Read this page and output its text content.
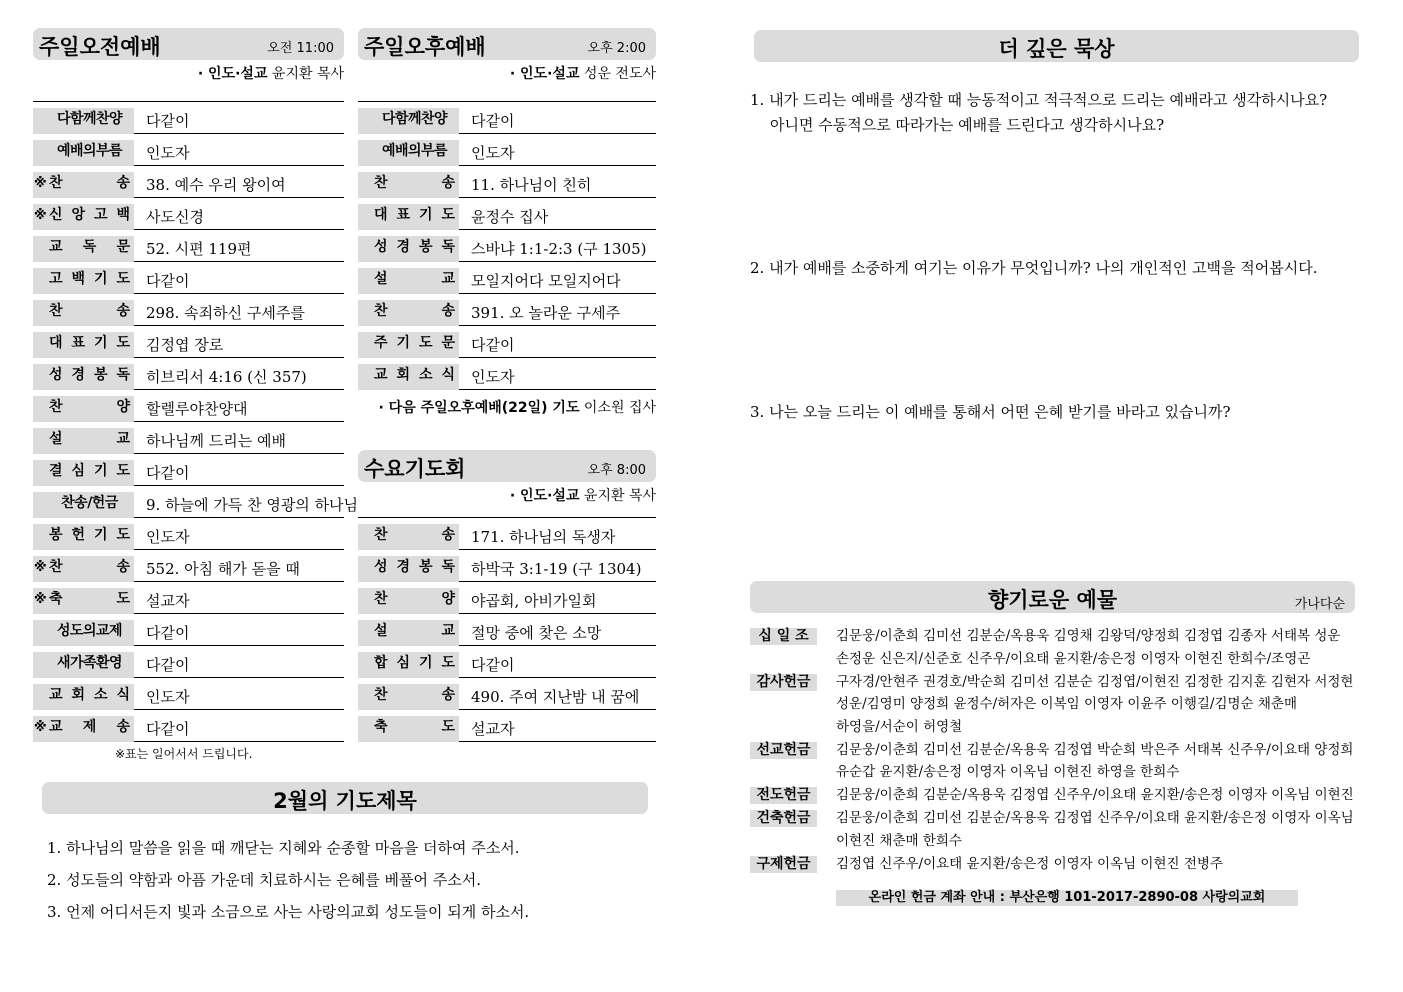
주일오전예배	오전 11:00
· 인도·설교 윤지환 목사
다함께찬양	다같이
예배의부름	인도자
※ 찬	송 38. 예수 우리 왕이여
※ 신 앙 고 백 사도신경
교 독 문 52. 시편 119편
고 백 기 도 다같이
찬	송 298. 속죄하신 구세주를
대 표 기 도 김정엽 장로
성 경 봉 독 히브리서 4:16 (신 357)
찬	양 할렐루야찬양대
설	교 하나님께 드리는 예배
결 심 기 도 다같이
찬송/헌금	9. 하늘에 가득 찬 영광의 하나님
봉 헌 기 도 인도자
※ 찬	송 552. 아침 해가 돋을 때
※ 축	도 설교자
성도의교제	다같이
새가족환영	다같이
교 회 소 식 인도자
※ 교 제 송 다같이
※표는 일어서서 드립니다.
주일오후예배	오후 2:00
· 인도·설교 성운 전도사
다함께찬양	다같이
예배의부름	인도자
찬	송 11. 하나님이 친히
대 표 기 도 윤정수 집사
성 경 봉 독 스바냐 1:1-2:3 (구 1305)
설	교 모일지어다 모일지어다
찬	송 391. 오 놀라운 구세주
주 기 도 문 다같이
교 회 소 식 인도자
· 다음 주일오후예배(22일) 기도 이소원 집사
수요기도회	오후 8:00
· 인도·설교 윤지환 목사
찬	송 171. 하나님의 독생자
성 경 봉 독 하박국 3:1-19 (구 1304)
찬	양 야곱회, 아비가일회
설	교 절망 중에 찾은 소망
합 심 기 도 다같이
찬	송 490. 주여 지난밤 내 꿈에
축	도 설교자
2월의 기도제목
1. 하나님의 말씀을 읽을 때 깨닫는 지혜와 순종할 마음을 더하여 주소서.
2. 성도들의 약함과 아픔 가운데 치료하시는 은혜를 베풀어 주소서.
3. 언제 어디서든지 빛과 소금으로 사는 사랑의교회 성도들이 되게 하소서.
더 깊은 묵상
1. 내가 드리는 예배를 생각할 때 능동적이고 적극적으로 드리는 예배라고 생각하시나요?
아니면 수동적으로 따라가는 예배를 드린다고 생각하시나요?
2. 내가 예배를 소중하게 여기는 이유가 무엇입니까? 나의 개인적인 고백을 적어봅시다.
3. 나는 오늘 드리는 이 예배를 통해서 어떤 은혜 받기를 바라고 있습니까?
향기로운 예물	가나다순
십 일 조	김문웅/이춘희 김미선 김분순/옥용욱 김영채 김왕덕/양정희 김정엽 김종자 서태복 성운
손정운 신은지/신준호 신주우/이요태 윤지환/송은정 이영자 이현진 한희수/조영곤
감사헌금	구자경/안현주 권경호/박순희 김미선 김분순 김정엽/이현진 김정한 김지훈 김현자 서정현
성운/김영미 양정희 윤정수/허자은 이복임 이영자 이윤주 이행길/김명순 채춘매
하영을/서순이 허영철
선교헌금	김문웅/이춘희 김미선 김분순/옥용욱 김정엽 박순희 박은주 서태복 신주우/이요태 양정희
유순갑 윤지환/송은정 이영자 이옥님 이현진 하영을 한희수
전도헌금	김문웅/이춘희 김분순/옥용욱 김정엽 신주우/이요태 윤지환/송은정 이영자 이옥님 이현진
건축헌금	김문웅/이춘희 김미선 김분순/옥용욱 김정엽 신주우/이요태 윤지환/송은정 이영자 이옥님
이현진 채춘매 한희수
구제헌금	김정엽 신주우/이요태 윤지환/송은정 이영자 이옥님 이현진 전병주
온라인 헌금 계좌 안내 : 부산은행 101-2017-2890-08 사랑의교회
